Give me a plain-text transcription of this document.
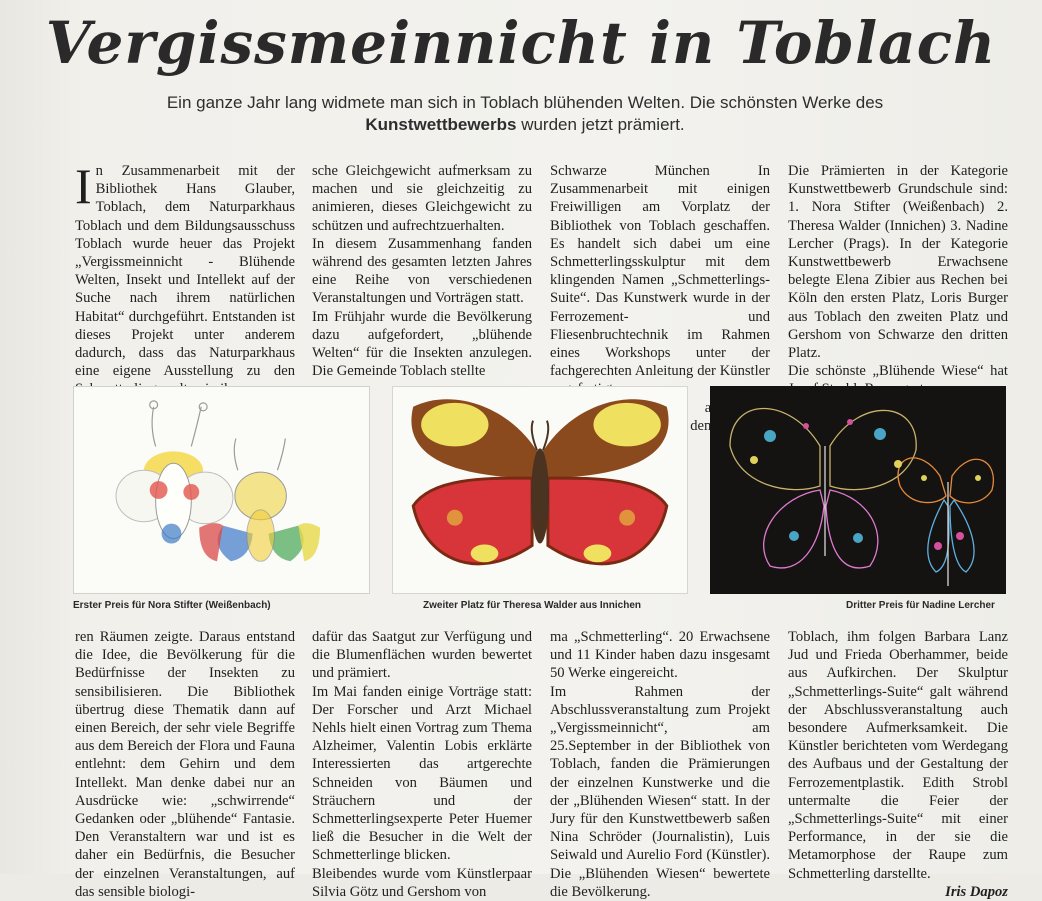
Vergissmeinnicht in Toblach
Ein ganze Jahr lang widmete man sich in Toblach blühenden Welten. Die schönsten Werke des Kunstwettbewerbs wurden jetzt prämiert.

In Zusammenarbeit mit der Bibliothek Hans Glauber, Toblach, dem Naturparkhaus Toblach und dem Bildungsausschuss Toblach wurde heuer das Projekt „Vergissmeinnicht - Blühende Welten, Insekt und Intellekt auf der Suche nach ihrem natürlichen Habitat“ durchgeführt. Entstanden ist dieses Projekt unter anderem dadurch, dass das Naturparkhaus eine eigene Ausstellung zu den

sche Gleichgewicht aufmerksam zu machen und sie gleichzeitig zu animieren, dieses Gleichgewicht zu schützen und aufrechtzuerhalten.

In diesem Zusammenhang fanden während des gesamten letzten Jahres eine Reihe von verschiedenen Veranstaltungen und Vorträgen statt.

Im Frühjahr wurde die Bevölkerung dazu aufgefordert, „blühende Welten“ für die Insekten anzulegen. Die Gemeinde Toblach stellte

Schwarze München In Zusammenarbeit mit einigen Freiwilligen am Vorplatz der Bibliothek von Toblach geschaffen. Es handelt sich dabei um eine Schmetterlingsskulptur mit dem klingenden Namen „Schmetterlings-Suite“. Das Kunstwerk wurde in der Ferrozement- und Fliesenbruchtechnik im Rahmen eines Workshops unter der fachgerechten Anleitung der Künstler

dem

Die Prämierten in der Kategorie Kunstwettbewerb Grundschule sind: 1. Nora Stifter (Weißenbach) 2. Theresa Walder (Innichen) 3. Nadine Lercher (Prags). In der Kategorie Kunstwettbewerb Erwachsene belegte Elena Zibier aus Rechen bei Köln den ersten Platz, Loris Burger aus Toblach den zweiten Platz und Gershom von Schwarze den dritten Platz.

Die schönste „Blühende Wiese“ hat

Erster Preis für Nora Stifter (Weißenbach)	Zweiter Platz für Theresa Walder aus Innichen	Dritter Preis für Nadine Lercher

ren Räumen zeigte. Daraus entstand die Idee, die Bevölkerung für die Bedürfnisse der Insekten zu sensibilisieren. Die Bibliothek übertrug diese Thematik dann auf einen Bereich, der sehr viele Begriffe aus dem Bereich der Flora und Fauna entlehnt: dem Gehirn und dem Intellekt. Man denke dabei nur an Ausdrücke wie: „schwirrende“ Gedanken oder „blühende“ Fantasie. Den Veranstaltern war und ist es daher ein Bedürfnis, die Besucher der einzelnen Veranstaltungen, auf das sensible biologi-

dafür das Saatgut zur Verfügung und die Blumenflächen wurden bewertet und prämiert.

Im Mai fanden einige Vorträge statt: Der Forscher und Arzt Michael Nehls hielt einen Vortrag zum Thema Alzheimer, Valentin Lobis erklärte Interessierten das artgerechte Schneiden von Bäumen und Sträuchern und der Schmetterlingsexperte Peter Huemer ließ die Besucher in die Welt der Schmetterlinge blicken.

Bleibendes wurde vom Künstlerpaar Silvia Götz und Gershom von

ma „Schmetterling“. 20 Erwachsene und 11 Kinder haben dazu insgesamt 50 Werke eingereicht.

Im Rahmen der Abschlussveranstaltung zum Projekt „Vergissmeinnicht“, am 25.September in der Bibliothek von Toblach, fanden die Prämierungen der einzelnen Kunstwerke und die der „Blühenden Wiesen“ statt. In der Jury für den Kunstwettbewerb saßen Nina Schröder (Journalistin), Luis Seiwald und Aurelio Ford (Künstler). Die „Blühenden Wiesen“ bewertete die Bevölkerung.

Toblach, ihm folgen Barbara Lanz Jud und Frieda Oberhammer, beide aus Aufkirchen. Der Skulptur „Schmetterlings-Suite“ galt während der Abschlussveranstaltung auch besondere Aufmerksamkeit. Die Künstler berichteten vom Werdegang des Aufbaus und der Gestaltung der Ferrozementplastik. Edith Strobl untermalte die Feier der „Schmetterlings-Suite“ mit einer Performance, in der sie die Metamorphose der Raupe zum Schmetterling darstellte.

Iris Dapoz
